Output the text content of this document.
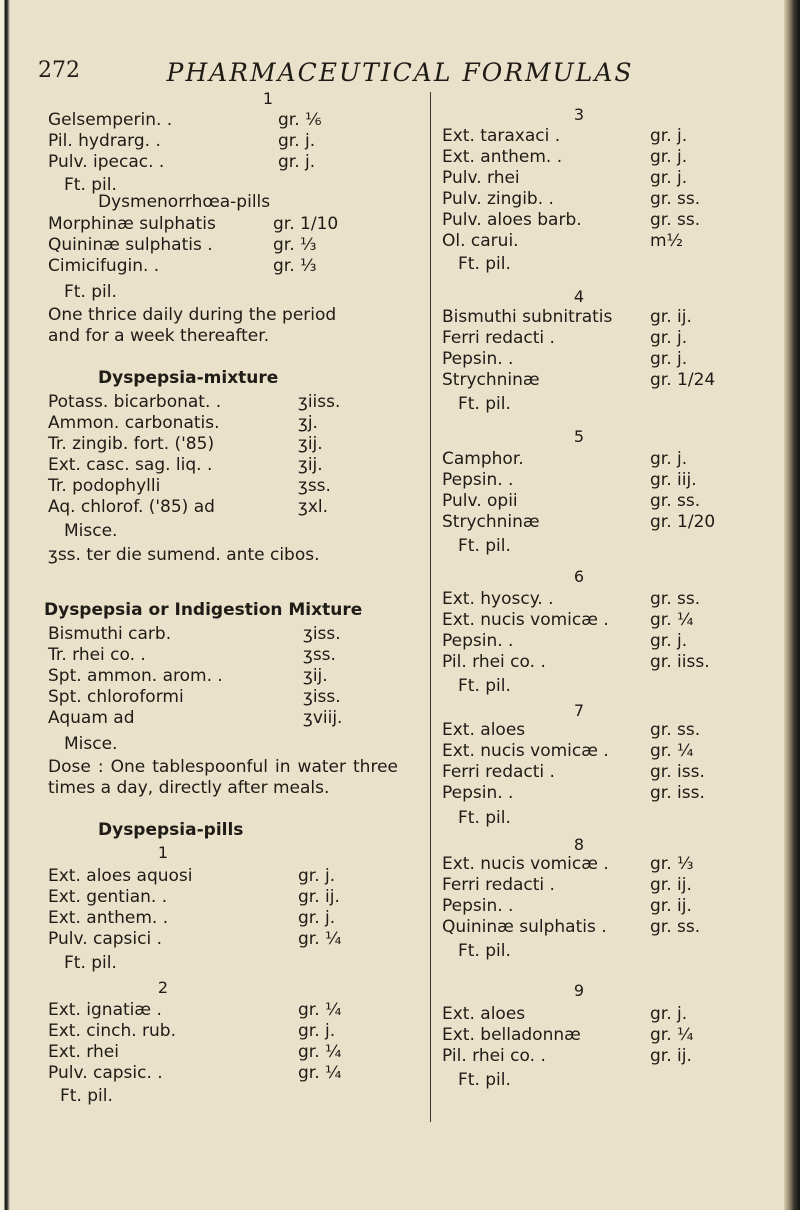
272	PHARMACEUTICAL FORMULAS
1
Gelsemperin. .	gr. ⅙
Pil. hydrarg. .	gr. j.
Pulv. ipecac. .	gr. j.
Ft. pil.
Dysmenorrhœa-pills
Morphinæ sulphatis	gr. 1/10
Quininæ sulphatis .	gr. ⅓
Cimicifugin. .	gr. ⅓
Ft. pil.
One thrice daily during the period and for a week thereafter.
Dyspepsia-mixture
Potass. bicarbonat. .	ʒiiss.
Ammon. carbonatis.	ʒj.
Tr. zingib. fort. ('85)	ʒij.
Ext. casc. sag. liq. .	ʒij.
Tr. podophylli	ʒss.
Aq. chlorof. ('85) ad	ʒxl.
Misce.
ʒss. ter die sumend. ante cibos.
Dyspepsia or Indigestion Mixture
Bismuthi carb.	ʒiss.
Tr. rhei co. .	ʒss.
Spt. ammon. arom. .	ʒij.
Spt. chloroformi	ʒiss.
Aquam ad	ʒviij.
Misce.
Dose : One tablespoonful in water three times a day, directly after meals.
Dyspepsia-pills
1
Ext. aloes aquosi	gr. j.
Ext. gentian. .	gr. ij.
Ext. anthem. .	gr. j.
Pulv. capsici .	gr. ¼
Ft. pil.
2
Ext. ignatiæ .	gr. ¼
Ext. cinch. rub.	gr. j.
Ext. rhei	gr. ¼
Pulv. capsic. .	gr. ¼
Ft. pil.
3
Ext. taraxaci .	gr. j.
Ext. anthem. .	gr. j.
Pulv. rhei	gr. j.
Pulv. zingib. .	gr. ss.
Pulv. aloes barb.	gr. ss.
Ol. carui.	m½
Ft. pil.
4
Bismuthi subnitratis gr. ij.
Ferri redacti .	gr. j.
Pepsin. .	gr. j.
Strychninæ	gr. 1/24
Ft. pil.
5
Camphor.	gr. j.
Pepsin. .	gr. iij.
Pulv. opii	gr. ss.
Strychninæ	gr. 1/20
Ft. pil.
6
Ext. hyoscy. .	gr. ss.
Ext. nucis vomicæ . gr. ¼
Pepsin. .	gr. j.
Pil. rhei co. .	gr. iiss.
Ft. pil.
7
Ext. aloes	gr. ss.
Ext. nucis vomicæ . gr. ¼
Ferri redacti .	gr. iss.
Pepsin. .	gr. iss.
Ft. pil.
8
Ext. nucis vomicæ . gr. ⅓
Ferri redacti .	gr. ij.
Pepsin. .	gr. ij.
Quininæ sulphatis .	gr. ss.
Ft. pil.
9
Ext. aloes	gr. j.
Ext. belladonnæ	gr. ¼
Pil. rhei co. .	gr. ij.
Ft. pil.
